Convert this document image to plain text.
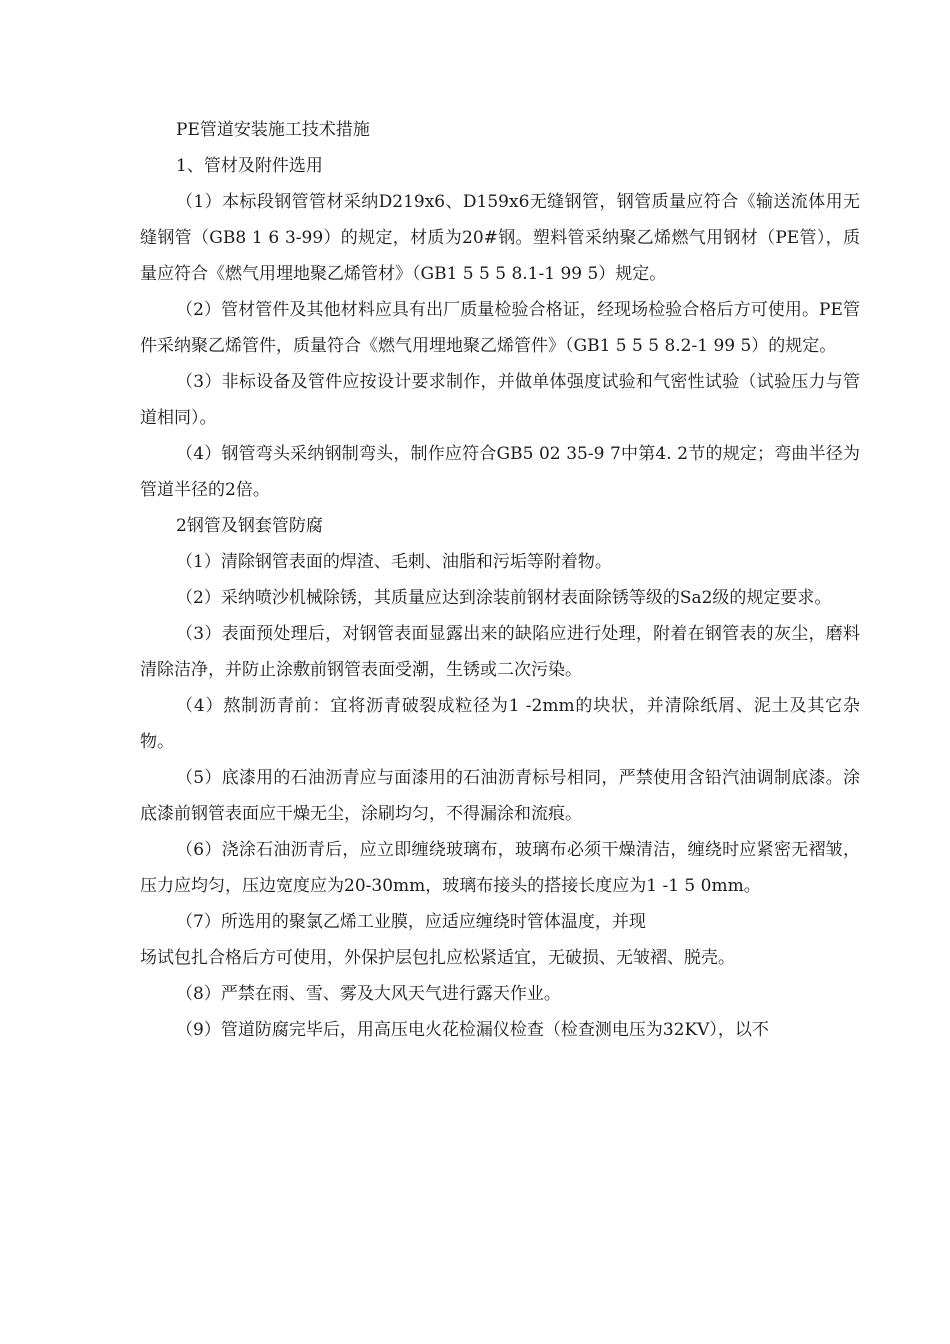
PE管道安装施工技术措施
1、管材及附件选用

（1）本标段钢管管材采纳D219x6、D159x6无缝钢管，钢管质量应符合《输送流体用无缝钢管（GB8 1 6 3-99）的规定，材质为20#钢。塑料管采纳聚乙烯燃气用钢材（PE管），质量应符合《燃气用埋地聚乙烯管材》（GB1 5 5 5 8.1-1 99 5）规定。

（2）管材管件及其他材料应具有出厂质量检验合格证，经现场检验合格后方可使用。PE管件采纳聚乙烯管件，质量符合《燃气用埋地聚乙烯管件》（GB1 5 5 5 8.2-1 99 5）的规定。

（3）非标设备及管件应按设计要求制作，并做单体强度试验和气密性试验（试验压力与管道相同）。

（4）钢管弯头采纳钢制弯头，制作应符合GB5 02 35-9 7中第4. 2节的规定；弯曲半径为管道半径的2倍。

2钢管及钢套管防腐

（1）清除钢管表面的焊渣、毛刺、油脂和污垢等附着物。

（2）采纳喷沙机械除锈，其质量应达到涂装前钢材表面除锈等级的Sa2级的规定要求。

（3）表面预处理后，对钢管表面显露出来的缺陷应进行处理，附着在钢管表的灰尘，磨料清除洁净，并防止涂敷前钢管表面受潮，生锈或二次污染。

（4）熬制沥青前：宜将沥青破裂成粒径为1 -2mm的块状，并清除纸屑、泥土及其它杂物。

（5）底漆用的石油沥青应与面漆用的石油沥青标号相同，严禁使用含铅汽油调制底漆。涂底漆前钢管表面应干燥无尘，涂刷均匀，不得漏涂和流痕。

（6）浇涂石油沥青后，应立即缠绕玻璃布，玻璃布必须干燥清洁，缠绕时应紧密无褶皱，压力应均匀，压边宽度应为20-30mm，玻璃布接头的搭接长度应为1 -1 5 0mm。

（7）所选用的聚氯乙烯工业膜，应适应缠绕时管体温度，并现

场试包扎合格后方可使用，外保护层包扎应松紧适宜，无破损、无皱褶、脱壳。

（8）严禁在雨、雪、雾及大风天气进行露天作业。

（9）管道防腐完毕后，用高压电火花检漏仪检查（检查测电压为32KV），以不
